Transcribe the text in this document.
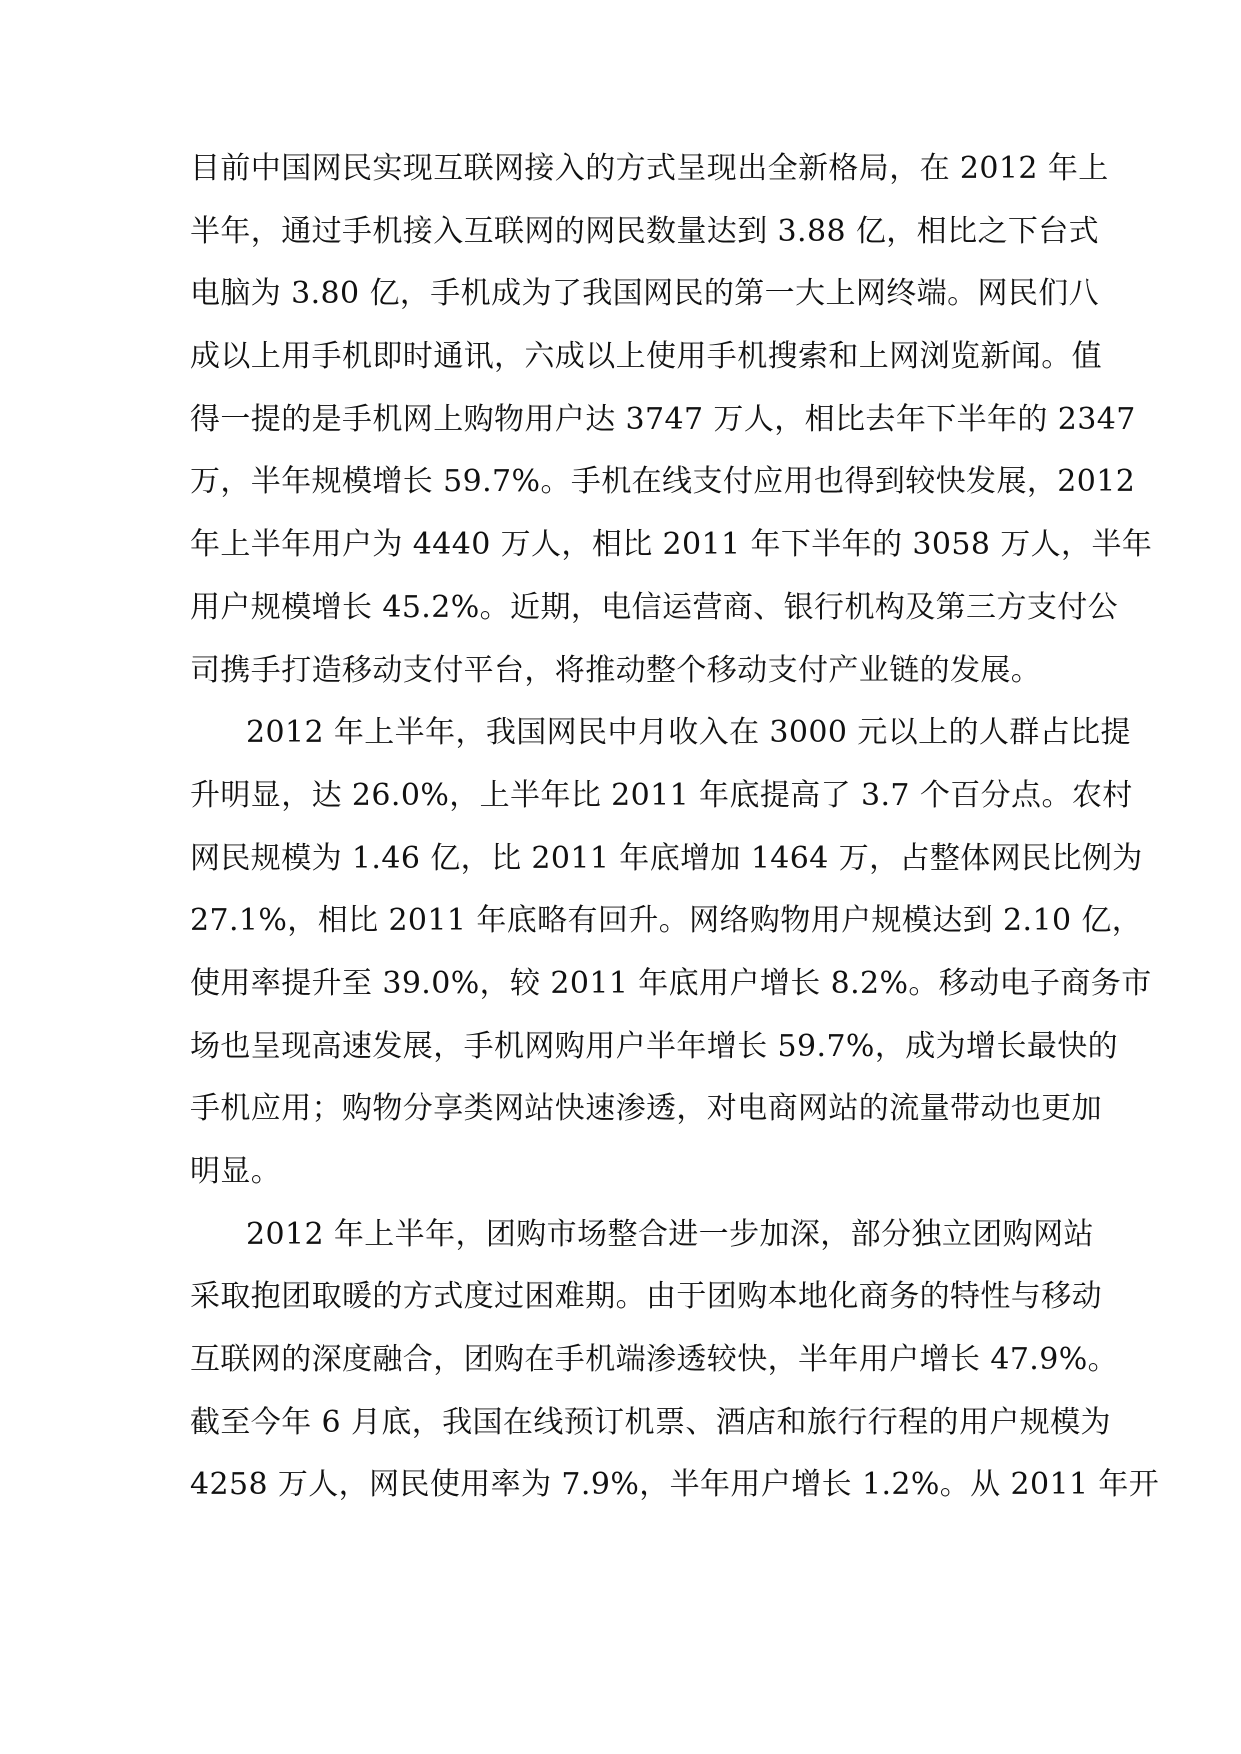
目前中国网民实现互联网接入的方式呈现出全新格局，在 2012 年上
半年，通过手机接入互联网的网民数量达到 3.88 亿，相比之下台式
电脑为 3.80 亿，手机成为了我国网民的第一大上网终端。网民们八
成以上用手机即时通讯，六成以上使用手机搜索和上网浏览新闻。值
得一提的是手机网上购物用户达 3747 万人，相比去年下半年的 2347
万，半年规模增长 59.7%。手机在线支付应用也得到较快发展，2012
年上半年用户为 4440 万人，相比 2011 年下半年的 3058 万人，半年
用户规模增长 45.2%。近期，电信运营商、银行机构及第三方支付公
司携手打造移动支付平台，将推动整个移动支付产业链的发展。
2012 年上半年，我国网民中月收入在 3000 元以上的人群占比提
升明显，达 26.0%，上半年比 2011 年底提高了 3.7 个百分点。农村
网民规模为 1.46 亿，比 2011 年底增加 1464 万，占整体网民比例为
27.1%，相比 2011 年底略有回升。网络购物用户规模达到 2.10 亿，
使用率提升至 39.0%，较 2011 年底用户增长 8.2%。移动电子商务市
场也呈现高速发展，手机网购用户半年增长 59.7%，成为增长最快的
手机应用；购物分享类网站快速渗透，对电商网站的流量带动也更加
明显。
2012 年上半年，团购市场整合进一步加深，部分独立团购网站
采取抱团取暖的方式度过困难期。由于团购本地化商务的特性与移动
互联网的深度融合，团购在手机端渗透较快，半年用户增长 47.9%。
截至今年 6 月底，我国在线预订机票、酒店和旅行行程的用户规模为
4258 万人，网民使用率为 7.9%，半年用户增长 1.2%。从 2011 年开
